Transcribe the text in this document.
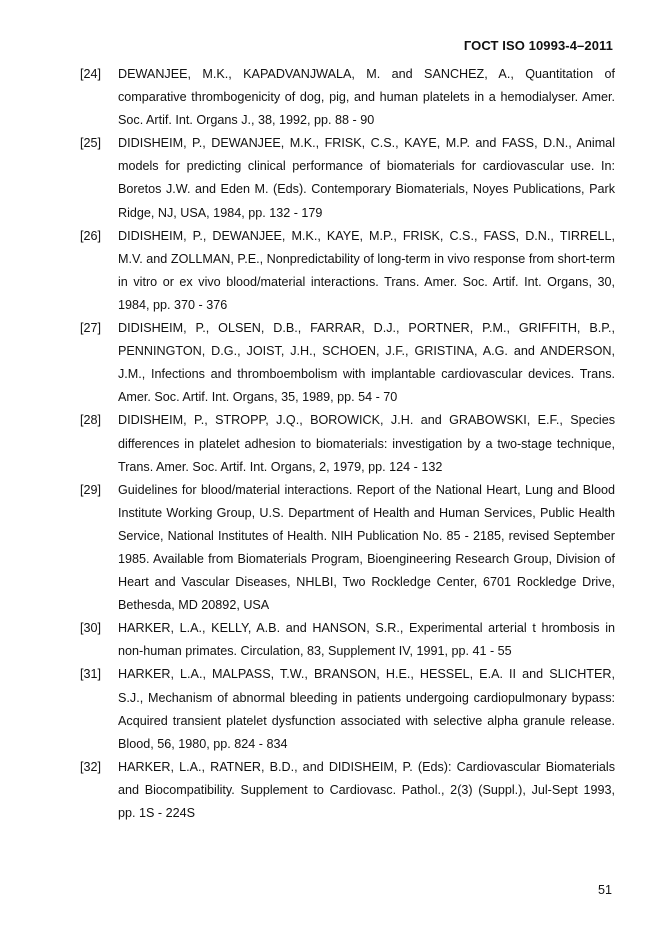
ГОСТ ISO 10993-4–2011
[24]	DEWANJEE, M.K., KAPADVANJWALA, M. and SANCHEZ, A., Quantitation of comparative thrombogenicity of dog, pig, and human platelets in a hemodialyser. Amer. Soc. Artif. Int. Organs J., 38, 1992, pp. 88 - 90
[25]	DIDISHEIM, P., DEWANJEE, M.K., FRISK, C.S., KAYE, M.P. and FASS, D.N., Animal models for predicting clinical performance of biomaterials for cardiovascular use. In: Boretos J.W. and Eden M. (Eds). Contemporary Biomaterials, Noyes Publications, Park Ridge, NJ, USA, 1984, pp. 132 - 179
[26]	DIDISHEIM, P., DEWANJEE, M.K., KAYE, M.P., FRISK, C.S., FASS, D.N., TIRRELL, M.V. and ZOLLMAN, P.E., Nonpredictability of long-term in vivo response from short-term in vitro or ex vivo blood/material interactions. Trans. Amer. Soc. Artif. Int. Organs, 30, 1984, pp. 370 - 376
[27]	DIDISHEIM, P., OLSEN, D.B., FARRAR, D.J., PORTNER, P.M., GRIFFITH, B.P., PENNINGTON, D.G., JOIST, J.H., SCHOEN, J.F., GRISTINA, A.G. and ANDERSON, J.M., Infections and thromboembolism with implantable cardiovascular devices. Trans. Amer. Soc. Artif. Int. Organs, 35, 1989, pp. 54 - 70
[28]	DIDISHEIM, P., STROPP, J.Q., BOROWICK, J.H. and GRABOWSKI, E.F., Species differences in platelet adhesion to biomaterials: investigation by a two-stage technique, Trans. Amer. Soc. Artif. Int. Organs, 2, 1979, pp. 124 - 132
[29]	Guidelines for blood/material interactions. Report of the National Heart, Lung and Blood Institute Working Group, U.S. Department of Health and Human Services, Public Health Service, National Institutes of Health. NIH Publication No. 85 - 2185, revised September 1985. Available from Biomaterials Program, Bioengineering Research Group, Division of Heart and Vascular Diseases, NHLBI, Two Rockledge Center, 6701 Rockledge Drive, Bethesda, MD 20892, USA
[30]	HARKER, L.A., KELLY, A.B. and HANSON, S.R., Experimental arterial t hrombosis in non-human primates. Circulation, 83, Supplement IV, 1991, pp. 41 - 55
[31]	HARKER, L.A., MALPASS, T.W., BRANSON, H.E., HESSEL, E.A. II and SLICHTER, S.J., Mechanism of abnormal bleeding in patients undergoing cardiopulmonary bypass: Acquired transient platelet dysfunction associated with selective alpha granule release. Blood, 56, 1980, pp. 824 - 834
[32]	HARKER, L.A., RATNER, B.D., and DIDISHEIM, P. (Eds): Cardiovascular Biomaterials and Biocompatibility. Supplement to Cardiovasc. Pathol., 2(3) (Suppl.), Jul-Sept 1993, pp. 1S - 224S
51
